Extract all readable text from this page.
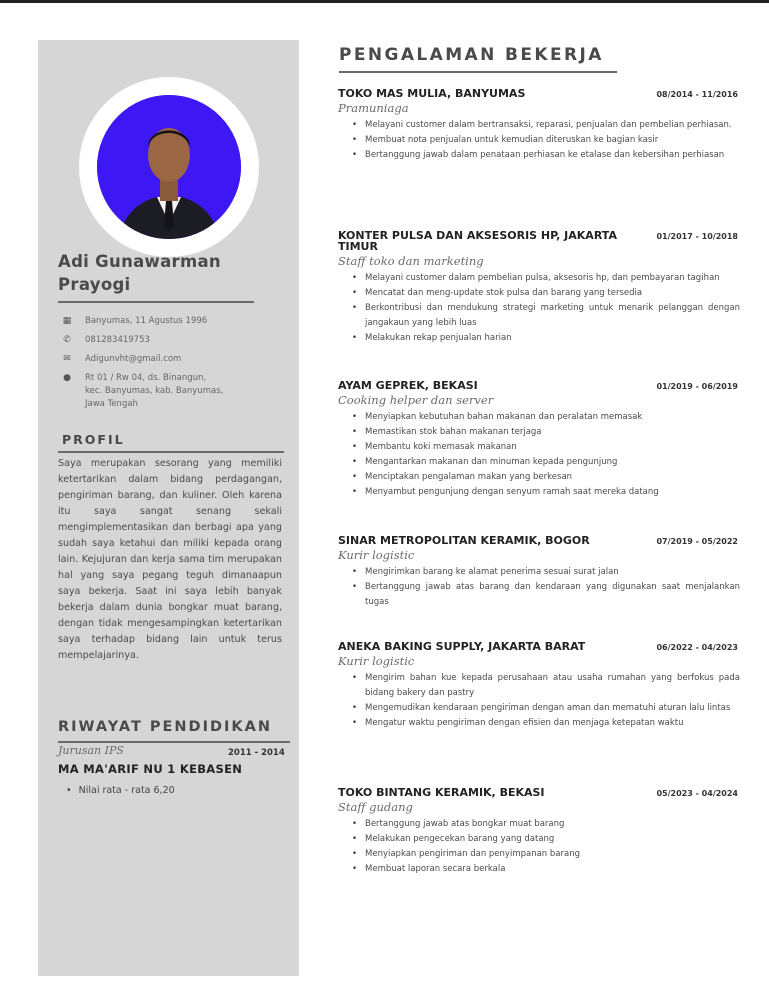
Adi Gunawarman
Prayogi
▦ Banyumas, 11 Agustus 1996
✆ 081283419753
✉ Adigunvht@gmail.com
● Rt 01 / Rw 04, ds. Binangun,
kec. Banyumas, kab. Banyumas,
Jawa Tengah
PROFIL
Saya merupakan sesorang yang memiliki ketertarikan dalam bidang perdagangan, pengiriman barang, dan kuliner. Oleh karena itu saya sangat senang sekali mengimplementasikan dan berbagi apa yang sudah saya ketahui dan miliki kepada orang lain. Kejujuran dan kerja sama tim merupakan hal yang saya pegang teguh dimanaapun saya bekerja. Saat ini saya lebih banyak bekerja dalam dunia bongkar muat barang, dengan tidak mengesampingkan ketertarikan saya terhadap bidang lain untuk terus mempelajarinya.
RIWAYAT PENDIDIKAN
Jurusan IPS	2011 - 2014
MA MA'ARIF NU 1 KEBASEN
• Nilai rata - rata 6,20
PENGALAMAN BEKERJA
TOKO MAS MULIA, BANYUMAS	08/2014 - 11/2016
Pramuniaga
• Melayani customer dalam bertransaksi, reparasi, penjualan dan pembelian perhiasan.
• Membuat nota penjualan untuk kemudian diteruskan ke bagian kasir
• Bertanggung jawab dalam penataan perhiasan ke etalase dan kebersihan perhiasan
KONTER PULSA DAN AKSESORIS HP, JAKARTA TIMUR
01/2017 - 10/2018
Staff toko dan marketing
• Melayani customer dalam pembelian pulsa, aksesoris hp, dan pembayaran tagihan
• Mencatat dan meng-update stok pulsa dan barang yang tersedia
• Berkontribusi dan mendukung strategi marketing untuk menarik pelanggan dengan jangakaun yang lebih luas
• Melakukan rekap penjualan harian
AYAM GEPREK, BEKASI	01/2019 - 06/2019
Cooking helper dan server
• Menyiapkan kebutuhan bahan makanan dan peralatan memasak
• Memastikan stok bahan makanan terjaga
• Membantu koki memasak makanan
• Mengantarkan makanan dan minuman kepada pengunjung
• Menciptakan pengalaman makan yang berkesan
• Menyambut pengunjung dengan senyum ramah saat mereka datang
SINAR METROPOLITAN KERAMIK, BOGOR	07/2019 - 05/2022
Kurir logistic
• Mengirimkan barang ke alamat penerima sesuai surat jalan
• Bertanggung jawab atas barang dan kendaraan yang digunakan saat menjalankan tugas
ANEKA BAKING SUPPLY, JAKARTA BARAT	06/2022 - 04/2023
Kurir logistic
• Mengirim bahan kue kepada perusahaan atau usaha rumahan yang berfokus pada bidang bakery dan pastry
• Mengemudikan kendaraan pengiriman dengan aman dan mematuhi aturan lalu lintas
• Mengatur waktu pengiriman dengan efisien dan menjaga ketepatan waktu
TOKO BINTANG KERAMIK, BEKASI	05/2023 - 04/2024
Staff gudang
• Bertanggung jawab atas bongkar muat barang
• Melakukan pengecekan barang yang datang
• Menyiapkan pengiriman dan penyimpanan barang
• Membuat laporan secara berkala
